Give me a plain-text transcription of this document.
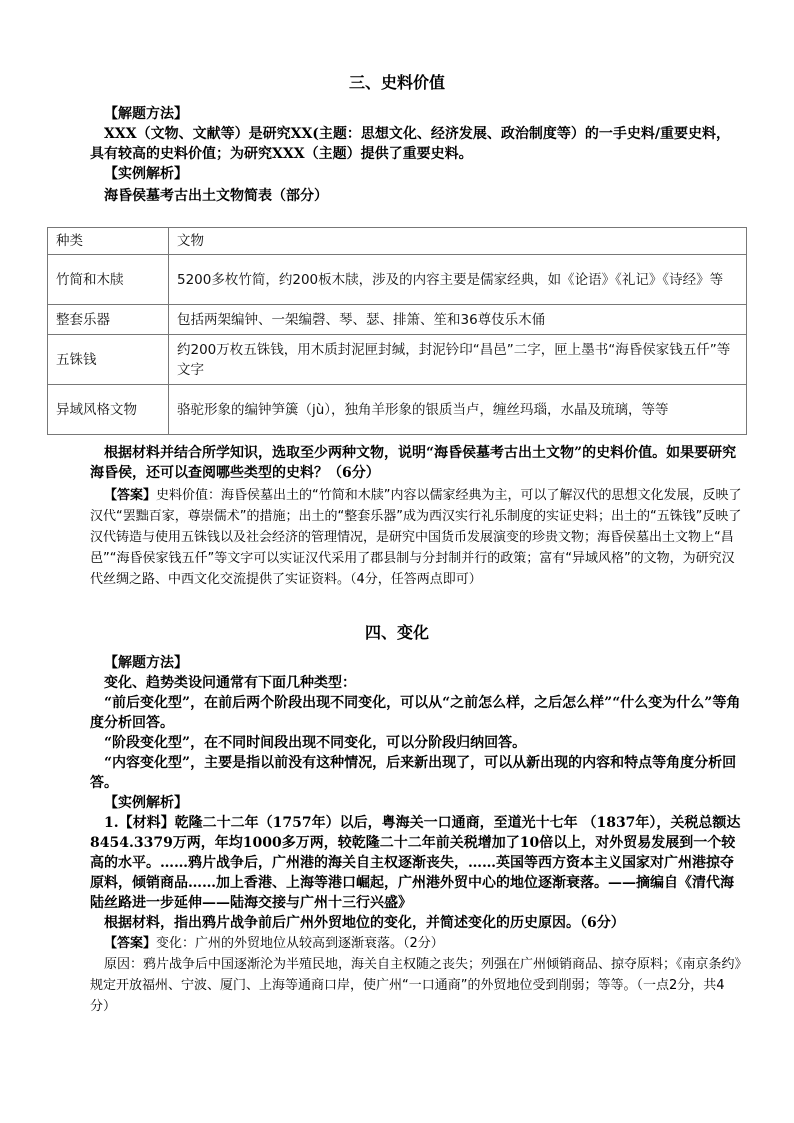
三、史料价值

【解题方法】

XXX（文物、文献等）是研究XX(主题：思想文化、经济发展、政治制度等）的一手史料/重要史料，具有较高的史料价值；为研究XXX（主题）提供了重要史料。

【实例解析】

海昏侯墓考古出土文物简表（部分）

种类	文物
竹简和木牍	5200多枚竹简，约200板木牍，涉及的内容主要是儒家经典，如《论语》《礼记》《诗经》等
整套乐器	包括两架编钟、一架编磬、琴、瑟、排箫、笙和36尊伎乐木俑
五铢钱	约200万枚五铢钱，用木质封泥匣封缄，封泥钤印“昌邑”二字，匣上墨书“海昏侯家钱五仟”等文字
异域风格文物	骆驼形象的编钟笋簴（jù），独角羊形象的银质当卢，缠丝玛瑙，水晶及琉璃，等等

根据材料并结合所学知识，选取至少两种文物，说明“海昏侯墓考古出土文物”的史料价值。如果要研究海昏侯，还可以查阅哪些类型的史料？（6分）

【答案】史料价值：海昏侯墓出土的“竹简和木牍”内容以儒家经典为主，可以了解汉代的思想文化发展，反映了汉代“罢黜百家，尊崇儒术”的措施；出土的“整套乐器”成为西汉实行礼乐制度的实证史料；出土的“五铢钱”反映了汉代铸造与使用五铢钱以及社会经济的管理情况，是研究中国货币发展演变的珍贵文物；海昏侯墓出土文物上“昌邑”“海昏侯家钱五仟”等文字可以实证汉代采用了郡县制与分封制并行的政策；富有“异域风格”的文物，为研究汉代丝绸之路、中西文化交流提供了实证资料。（4分，任答两点即可）

四、变化

【解题方法】

变化、趋势类设问通常有下面几种类型：

“前后变化型”，在前后两个阶段出现不同变化，可以从“之前怎么样，之后怎么样”“什么变为什么”等角度分析回答。

“阶段变化型”，在不同时间段出现不同变化，可以分阶段归纳回答。

“内容变化型”，主要是指以前没有这种情况，后来新出现了，可以从新出现的内容和特点等角度分析回答。

【实例解析】

1.【材料】乾隆二十二年（1757年）以后，粤海关一口通商，至道光十七年 （1837年），关税总额达8454.3379万两，年均1000多万两，较乾隆二十二年前关税增加了10倍以上，对外贸易发展到一个较高的水平。……鸦片战争后，广州港的海关自主权逐渐丧失，……英国等西方资本主义国家对广州港掠夺原料，倾销商品……加上香港、上海等港口崛起，广州港外贸中心的地位逐渐衰落。——摘编自《清代海陆丝路进一步延伸——陆海交接与广州十三行兴盛》

根据材料，指出鸦片战争前后广州外贸地位的变化，并简述变化的历史原因。（6分）

【答案】变化：广州的外贸地位从较高到逐渐衰落。（2分）

原因：鸦片战争后中国逐渐沦为半殖民地，海关自主权随之丧失；列强在广州倾销商品、掠夺原料；《南京条约》规定开放福州、宁波、厦门、上海等通商口岸，使广州“一口通商”的外贸地位受到削弱；等等。（一点2分，共4分）
